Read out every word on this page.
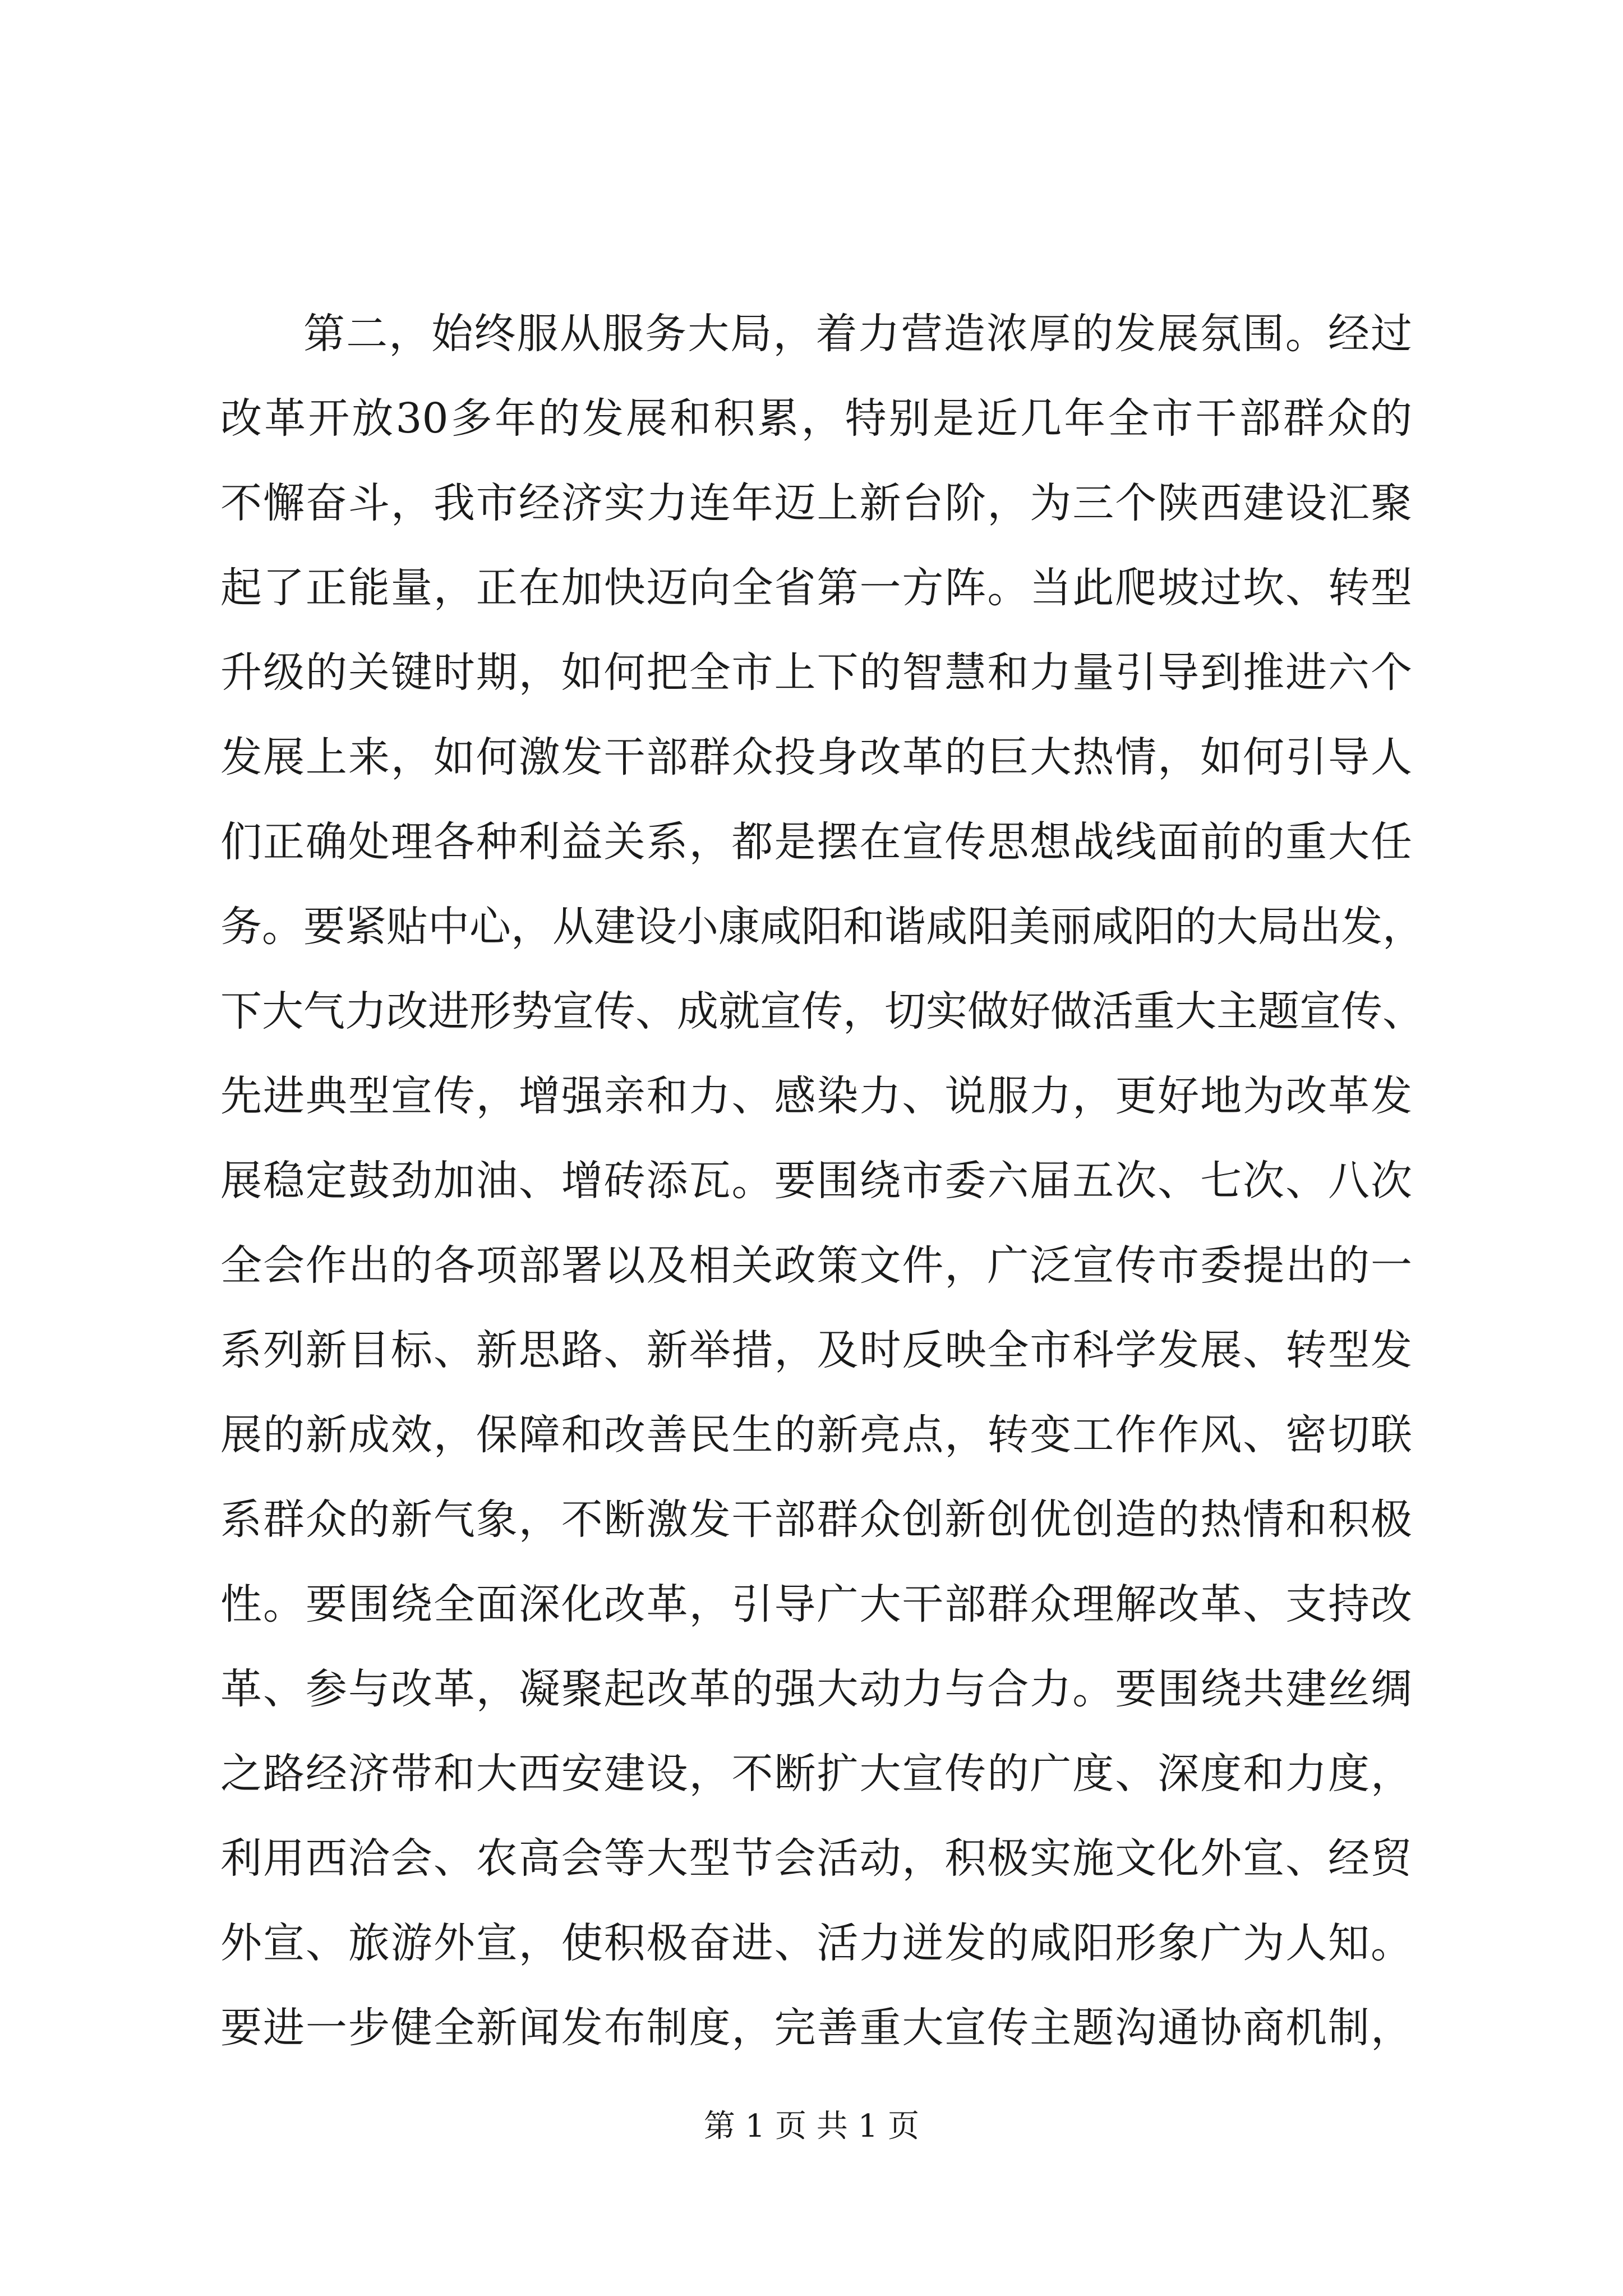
第二，始终服从服务大局，着力营造浓厚的发展氛围。经过
改革开放30多年的发展和积累，特别是近几年全市干部群众的
不懈奋斗，我市经济实力连年迈上新台阶，为三个陕西建设汇聚
起了正能量，正在加快迈向全省第一方阵。当此爬坡过坎、转型
升级的关键时期，如何把全市上下的智慧和力量引导到推进六个
发展上来，如何激发干部群众投身改革的巨大热情，如何引导人
们正确处理各种利益关系，都是摆在宣传思想战线面前的重大任
务。要紧贴中心，从建设小康咸阳和谐咸阳美丽咸阳的大局出发，
下大气力改进形势宣传、成就宣传，切实做好做活重大主题宣传、
先进典型宣传，增强亲和力、感染力、说服力，更好地为改革发
展稳定鼓劲加油、增砖添瓦。要围绕市委六届五次、七次、八次
全会作出的各项部署以及相关政策文件，广泛宣传市委提出的一
系列新目标、新思路、新举措，及时反映全市科学发展、转型发
展的新成效，保障和改善民生的新亮点，转变工作作风、密切联
系群众的新气象，不断激发干部群众创新创优创造的热情和积极
性。要围绕全面深化改革，引导广大干部群众理解改革、支持改
革、参与改革，凝聚起改革的强大动力与合力。要围绕共建丝绸
之路经济带和大西安建设，不断扩大宣传的广度、深度和力度，
利用西洽会、农高会等大型节会活动，积极实施文化外宣、经贸
外宣、旅游外宣，使积极奋进、活力迸发的咸阳形象广为人知。
要进一步健全新闻发布制度，完善重大宣传主题沟通协商机制，
第 1 页 共 1 页
